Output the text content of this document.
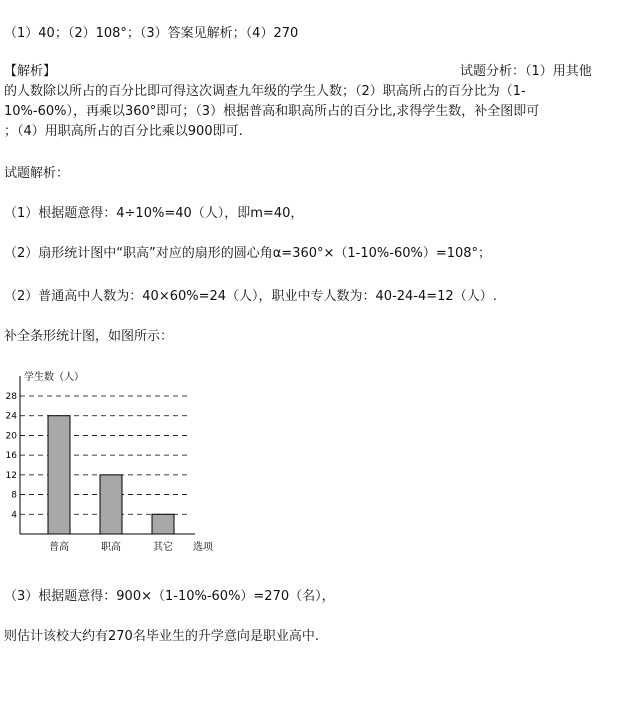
（1）40；（2）108°；（3）答案见解析；（4）270
【解析】	试题分析：（1）用其他
的人数除以所占的百分比即可得这次调查九年级的学生人数；（2）职高所占的百分比为（1-
10%-60%），再乘以360°即可；（3）根据普高和职高所占的百分比,求得学生数，补全图即可
；（4）用职高所占的百分比乘以900即可.
试题解析：
（1）根据题意得：4÷10%=40（人），即m=40，
（2）扇形统计图中“职高”对应的扇形的圆心角α=360°×（1-10%-60%）=108°；
（2）普通高中人数为：40×60%=24（人），职业中专人数为：40-24-4=12（人）.
补全条形统计图，如图所示：
学生数（人）
选项
4
8
12
16
20
24
28
普高	职高	其它
（3）根据题意得：900×（1-10%-60%）=270（名），
则估计该校大约有270名毕业生的升学意向是职业高中.
